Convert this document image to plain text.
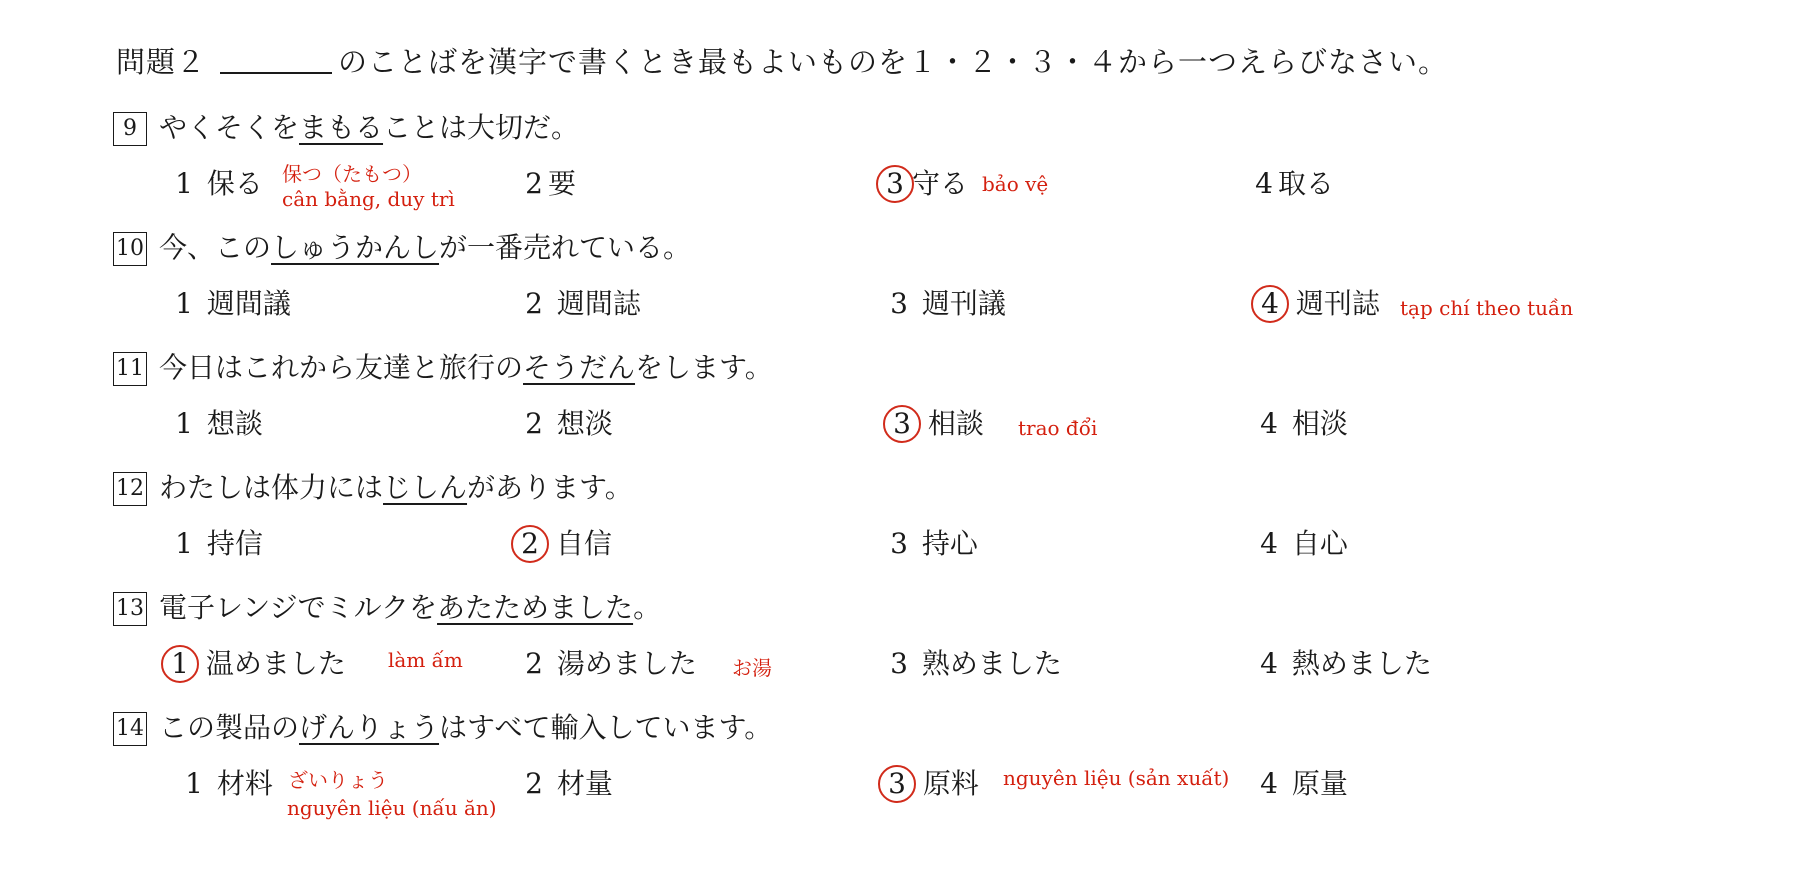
問題２	のことばを漢字で書くとき最もよいものを１・２・３・４から一つえらびなさい。
9 やくそくをまもることは大切だ。
1 保る	2 要	3 守る	4 取る
保つ（たもつ）
cân bằng, duy trì
bảo vệ
10 今、このしゅうかんしが一番売れている。
1 週間議	2 週間誌	3 週刊議	4 週刊誌 tạp chí theo tuần
11 今日はこれから友達と旅行のそうだんをします。
1 想談	2 想淡	3 相談	4 相淡
trao đổi
12 わたしは体力にはじしんがあります。
1 持信	2 自信	3 持心	4 自心
13 電子レンジでミルクをあたためました。
1 温めました	2 湯めました	3 熟めました	4 熱めました
làm ấm	お湯
14 この製品のげんりょうはすべて輸入しています。
1 材料	2 材量	3 原料	4 原量
ざいりょう
nguyên liệu (nấu ăn)
nguyên liệu (sản xuất)
